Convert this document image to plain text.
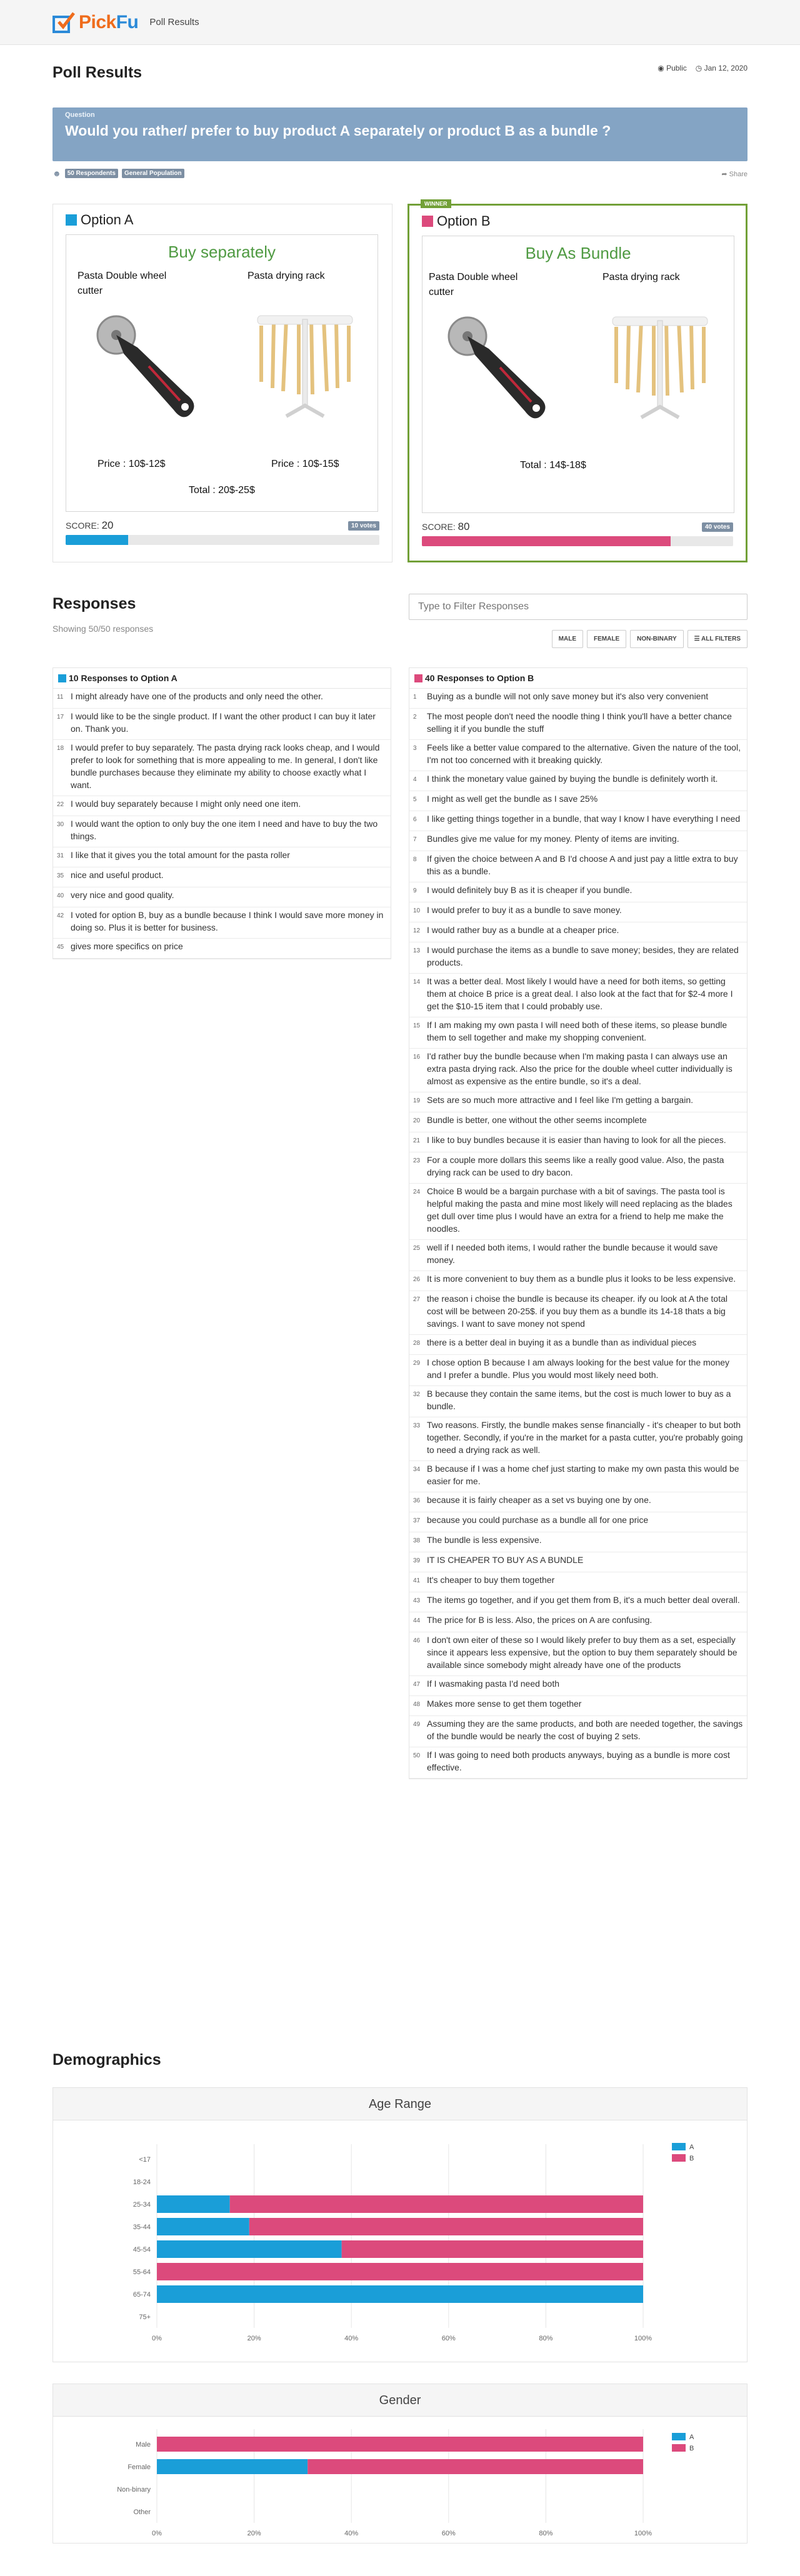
PickFu Poll Results
Poll Results	◉ Public ◷ Jan 12, 2020
Question
Would you rather/ prefer to buy product A separately or product B as a bundle ?
☻	50 Respondents	General Population	➦ Share
Option A
Buy separately
Pasta Double wheel cutter
Pasta drying rack
Price : 10$-12$	Price : 10$-15$
Total : 20$-25$
SCORE: 20	10 votes
WINNER
Option B
Buy As Bundle
Pasta Double wheel cutter
Pasta drying rack
Total : 14$-18$
SCORE: 80	40 votes
Responses
Showing 50/50 responses
Type to Filter Responses
MALE	FEMALE	NON-BINARY	☰ ALL FILTERS
10 Responses to Option A
11 I might already have one of the products and only need the other.
17 I would like to be the single product. If I want the other product I can buy it later on. Thank you.
18 I would prefer to buy separately. The pasta drying rack looks cheap, and I would prefer to look for something that is more appealing to me. In general, I don't like bundle purchases because they eliminate my ability to choose exactly what I want.
22 I would buy separately because I might only need one item.
30 I would want the option to only buy the one item I need and have to buy the two things.
31 I like that it gives you the total amount for the pasta roller
35 nice and useful product.
40 very nice and good quality.
42 I voted for option B, buy as a bundle because I think I would save more money in doing so. Plus it is better for business.
45 gives more specifics on price
40 Responses to Option B
1	Buying as a bundle will not only save money but it's also very convenient
2	The most people don't need the noodle thing I think you'll have a better chance selling it if you bundle the stuff
3	Feels like a better value compared to the alternative. Given the nature of the tool, I'm not too concerned with it breaking quickly.
4	I think the monetary value gained by buying the bundle is definitely worth it.
5	I might as well get the bundle as I save 25%
6	I like getting things together in a bundle, that way I know I have everything I need
7	Bundles give me value for my money. Plenty of items are inviting.
8	If given the choice between A and B I'd choose A and just pay a little extra to buy this as a bundle.
9	I would definitely buy B as it is cheaper if you bundle.
10 I would prefer to buy it as a bundle to save money.
12 I would rather buy as a bundle at a cheaper price.
13 I would purchase the items as a bundle to save money; besides, they are related products.
14 It was a better deal. Most likely I would have a need for both items, so getting them at choice B price is a great deal. I also look at the fact that for $2-4 more I get the $10-15 item that I could probably use.
15 If I am making my own pasta I will need both of these items, so please bundle them to sell together and make my shopping convenient.
16 I'd rather buy the bundle because when I'm making pasta I can always use an extra pasta drying rack. Also the price for the double wheel cutter individually is almost as expensive as the entire bundle, so it's a deal.
19 Sets are so much more attractive and I feel like I'm getting a bargain.
20 Bundle is better, one without the other seems incomplete
21 I like to buy bundles because it is easier than having to look for all the pieces.
23 For a couple more dollars this seems like a really good value. Also, the pasta drying rack can be used to dry bacon.
24 Choice B would be a bargain purchase with a bit of savings. The pasta tool is helpful making the pasta and mine most likely will need replacing as the blades get dull over time plus I would have an extra for a friend to help me make the noodles.
25 well if I needed both items, I would rather the bundle because it would save money.
26 It is more convenient to buy them as a bundle plus it looks to be less expensive.
27 the reason i choise the bundle is because its cheaper. ify ou look at A the total cost will be between 20-25$. if you buy them as a bundle its 14-18 thats a big savings. I want to save money not spend
28 there is a better deal in buying it as a bundle than as individual pieces
29 I chose option B because I am always looking for the best value for the money and I prefer a bundle. Plus you would most likely need both.
32 B because they contain the same items, but the cost is much lower to buy as a bundle.
33 Two reasons. Firstly, the bundle makes sense financially - it's cheaper to but both together. Secondly, if you're in the market for a pasta cutter, you're probably going to need a drying rack as well.
34 B because if I was a home chef just starting to make my own pasta this would be easier for me.
36 because it is fairly cheaper as a set vs buying one by one.
37 because you could purchase as a bundle all for one price
38 The bundle is less expensive.
39 IT IS CHEAPER TO BUY AS A BUNDLE
41 It's cheaper to buy them together
43 The items go together, and if you get them from B, it's a much better deal overall.
44 The price for B is less. Also, the prices on A are confusing.
46 I don't own eiter of these so I would likely prefer to buy them as a set, especially since it appears less expensive, but the option to buy them separately should be available since somebody might already have one of the products
47 If I wasmaking pasta I'd need both
48 Makes more sense to get them together
49 Assuming they are the same products, and both are needed together, the savings of the bundle would be nearly the cost of buying 2 sets.
50 If I was going to need both products anyways, buying as a bundle is more cost effective.
Demographics
Age Range
0%	20%	40%	60%	80%	100%
<17
18-24
25-34
35-44
45-54
55-64
65-74
75+
A
B
Gender
0%	20%	40%	60%	80%	100%
Male
Female
Non-binary
Other
A
B
